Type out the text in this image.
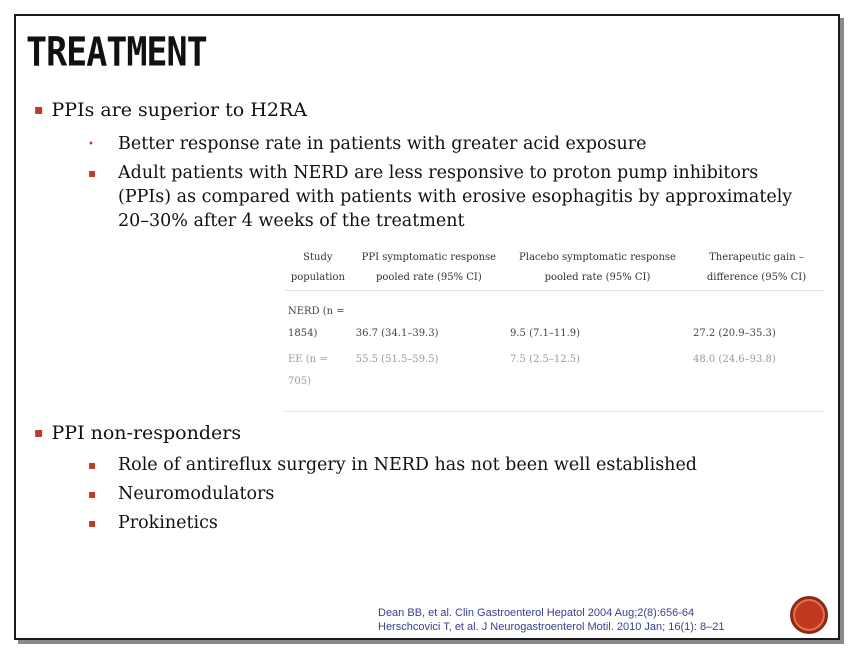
TREATMENT
▪ PPIs are superior to H2RA
• Better response rate in patients with greater acid exposure
▪ Adult patients with NERD are less responsive to proton pump inhibitors (PPIs) as compared with patients with erosive esophagitis by approximately 20–30% after 4 weeks of the treatment
Study population	PPI symptomatic response pooled rate (95% CI)	Placebo symptomatic response pooled rate (95% CI)	Therapeutic gain – difference (95% CI)
NERD (n = 1854)	36.7 (34.1–39.3)	9.5 (7.1–11.9)	27.2 (20.9–35.3)
EE (n = 705)	55.5 (51.5–59.5)	7.5 (2.5–12.5)	48.0 (24.6–93.8)
▪ PPI non-responders
▪ Role of antireflux surgery in NERD has not been well established
▪ Neuromodulators
▪ Prokinetics
Dean BB, et al. Clin Gastroenterol Hepatol 2004 Aug;2(8):656-64
Herschcovici T, et al. J Neurogastroenterol Motil. 2010 Jan; 16(1): 8–21
